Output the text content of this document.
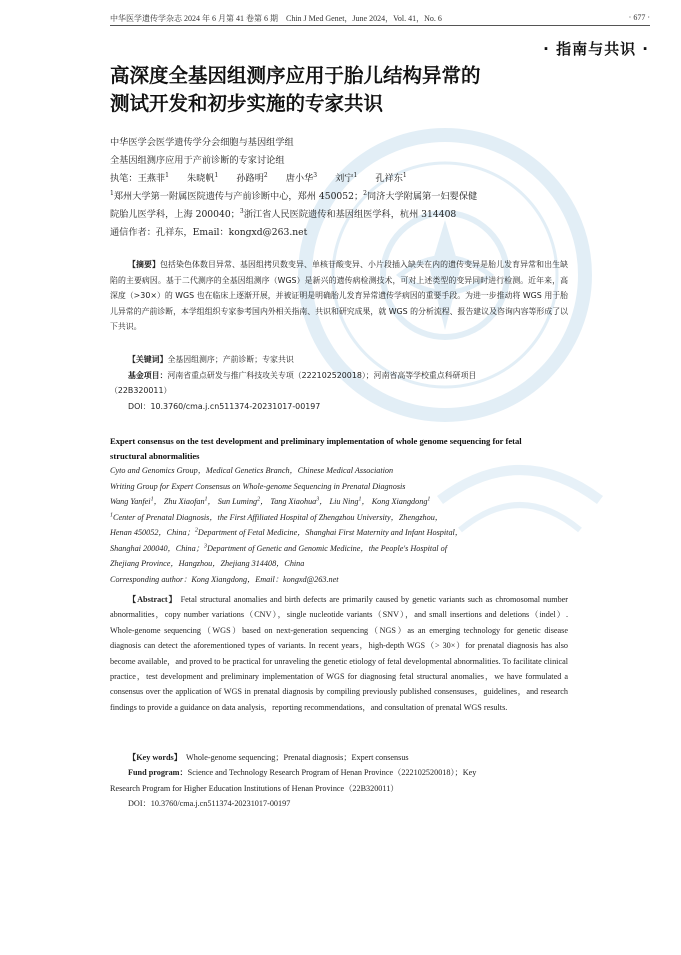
中华医学遗传学杂志 2024 年 6 月第 41 卷第 6 期　Chin J Med Genet，June 2024，Vol. 41，No. 6	· 677 ·
· 指南与共识 ·
高深度全基因组测序应用于胎儿结构异常的
测试开发和初步实施的专家共识
中华医学会医学遗传学分会细胞与基因组学组
全基因组测序应用于产前诊断的专家讨论组
执笔：王燕菲$^1$ 朱晓帆$^1$ 孙路明$^2$ 唐小华$^3$ 刘宁$^1$ 孔祥东$^1$
$^1$郑州大学第一附属医院遗传与产前诊断中心，郑州 450052；$^2$同济大学附属第一妇婴保健
院胎儿医学科，上海 200040；$^3$浙江省人民医院遗传和基因组医学科，杭州 314408
通信作者：孔祥东，Email：kongxd@263.net
【摘要】包括染色体数目异常、基因组拷贝数变异、单核苷酸变异、小片段插入缺失在内的遗传变异是胎儿发育异常和出生缺陷的主要病因。基于二代测序的全基因组测序（WGS）是新兴的遗传病检测技术，可对上述类型的变异同时进行检测。近年来，高深度（>30×）的 WGS 也在临床上逐渐开展，并被证明是明确胎儿发育异常遗传学病因的重要手段。为进一步推动将 WGS 用于胎儿异常的产前诊断，本学组组织专家参考国内外相关指南、共识和研究成果，就 WGS 的分析流程、报告建议及咨询内容等形成了以下共识。
【关键词】全基因组测序；产前诊断；专家共识
基金项目：河南省重点研发与推广科技攻关专项（222102520018）；河南省高等学校重点科研项目
（22B320011）
DOI：10.3760/cma.j.cn511374-20231017-00197
Expert consensus on the test development and preliminary implementation of whole genome sequencing for fetal
structural abnormalities
Cyto and Genomics Group，Medical Genetics Branch，Chinese Medical Association
Writing Group for Expert Consensus on Whole-genome Sequencing in Prenatal Diagnosis
Wang Yanfei$^1$， Zhu Xiaofan$^1$， Sun Luming$^2$， Tang Xiaohua$^3$， Liu Ning$^1$， Kong Xiangdong$^1$
$^1$Center of Prenatal Diagnosis，the First Affiliated Hospital of Zhengzhou University，Zhengzhou，
Henan 450052，China；$^2$Department of Fetal Medicine，Shanghai First Maternity and Infant Hospital，
Shanghai 200040，China；$^3$Department of Genetic and Genomic Medicine，the People's Hospital of
Zhejiang Province，Hangzhou，Zhejiang 314408，China
Corresponding author：Kong Xiangdong，Email：kongxd@263.net
【Abstract】 Fetal structural anomalies and birth defects are primarily caused by genetic variants such as chromosomal number abnormalities，copy number variations（CNV），single nucleotide variants（SNV），and small insertions and deletions（indel）. Whole-genome sequencing（WGS）based on next-generation sequencing（NGS）as an emerging technology for genetic disease diagnosis can detect the aforementioned types of variants. In recent years，high-depth WGS（> 30×）for prenatal diagnosis has also become available，and proved to be practical for unraveling the genetic etiology of fetal developmental abnormalities. To facilitate clinical practice，test development and preliminary implementation of WGS for diagnosing fetal structural anomalies，we have formulated a consensus over the application of WGS in prenatal diagnosis by compiling previously published consensuses，guidelines，and research findings to provide a guidance on data analysis，reporting recommendations，and consultation of prenatal WGS results.
【Key words】　 Whole-genome sequencing；Prenatal diagnosis；Expert consensus
Fund program：Science and Technology Research Program of Henan Province（222102520018）；Key
Research Program for Higher Education Institutions of Henan Province（22B320011）
DOI：10.3760/cma.j.cn511374-20231017-00197
